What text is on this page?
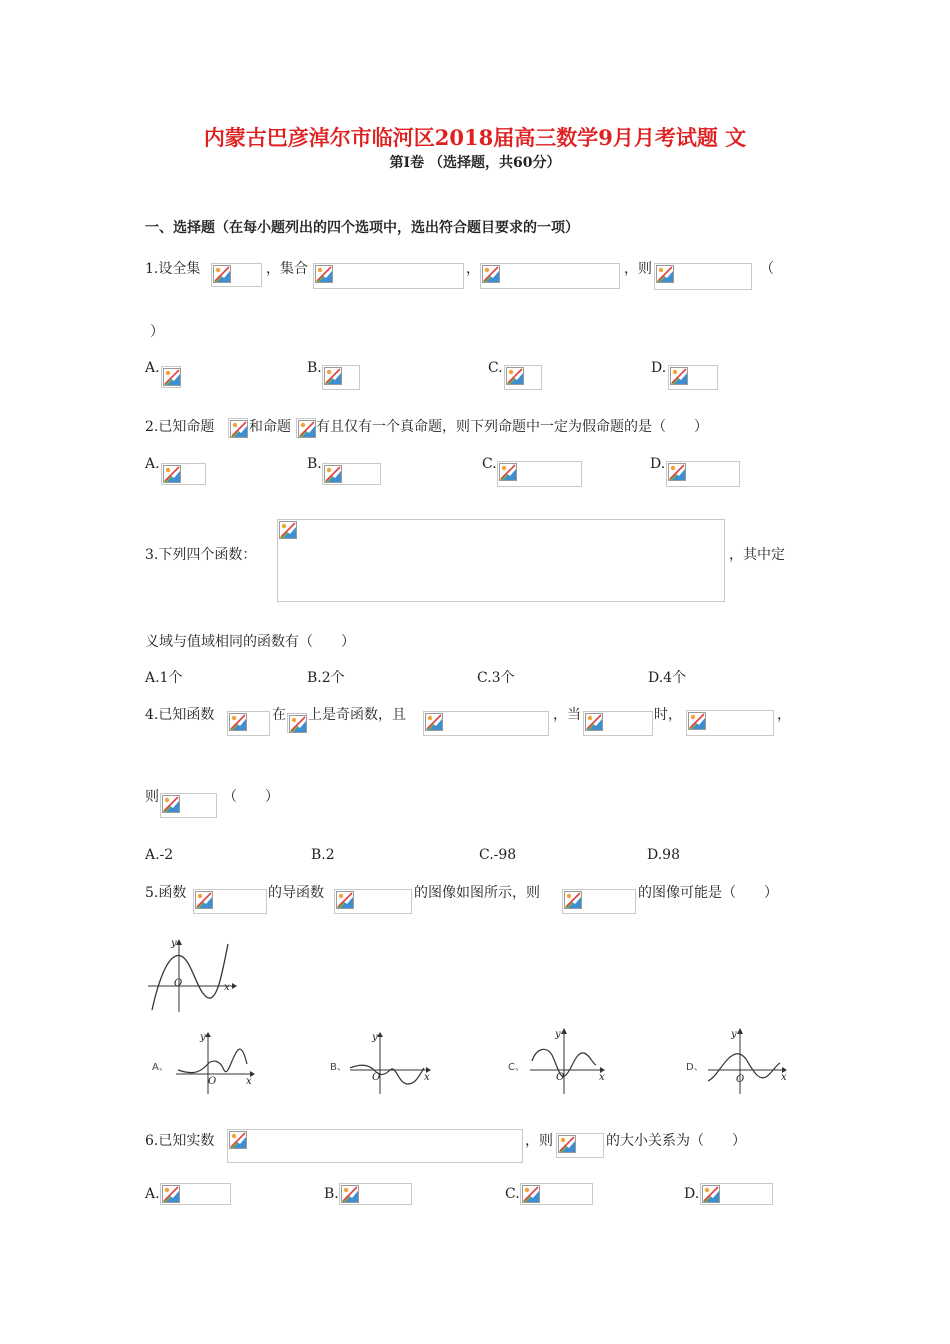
内蒙古巴彦淖尔市临河区2018届高三数学9月月考试题 文
第Ⅰ卷 （选择题，共60分）
一、选择题（在每小题列出的四个选项中，选出符合题目要求的一项）
1.设全集	，集合	，	，则	（
）
A.	B.	C.	D.
2.已知命题 和命题 有且仅有一个真命题，则下列命题中一定为假命题的是（　　）
A.	B.	C.	D.
3.下列四个函数：	，其中定
义域与值域相同的函数有（　　）
A.1个	B.2个	C.3个	D.4个
4.已知函数	在 上是奇函数，且	，当	时，	，
则	（　　）
A.-2	B.2	C.-98	D.98
5.函数	的导函数	的图像如图所示，则	的图像可能是（　　）
y
x
O
A、
y
x
O
B、
y
x
O
C、
y
x
O
D、
y
x
O
6.已知实数	，则	的大小关系为（　　）
A.	B.	C.	D.
